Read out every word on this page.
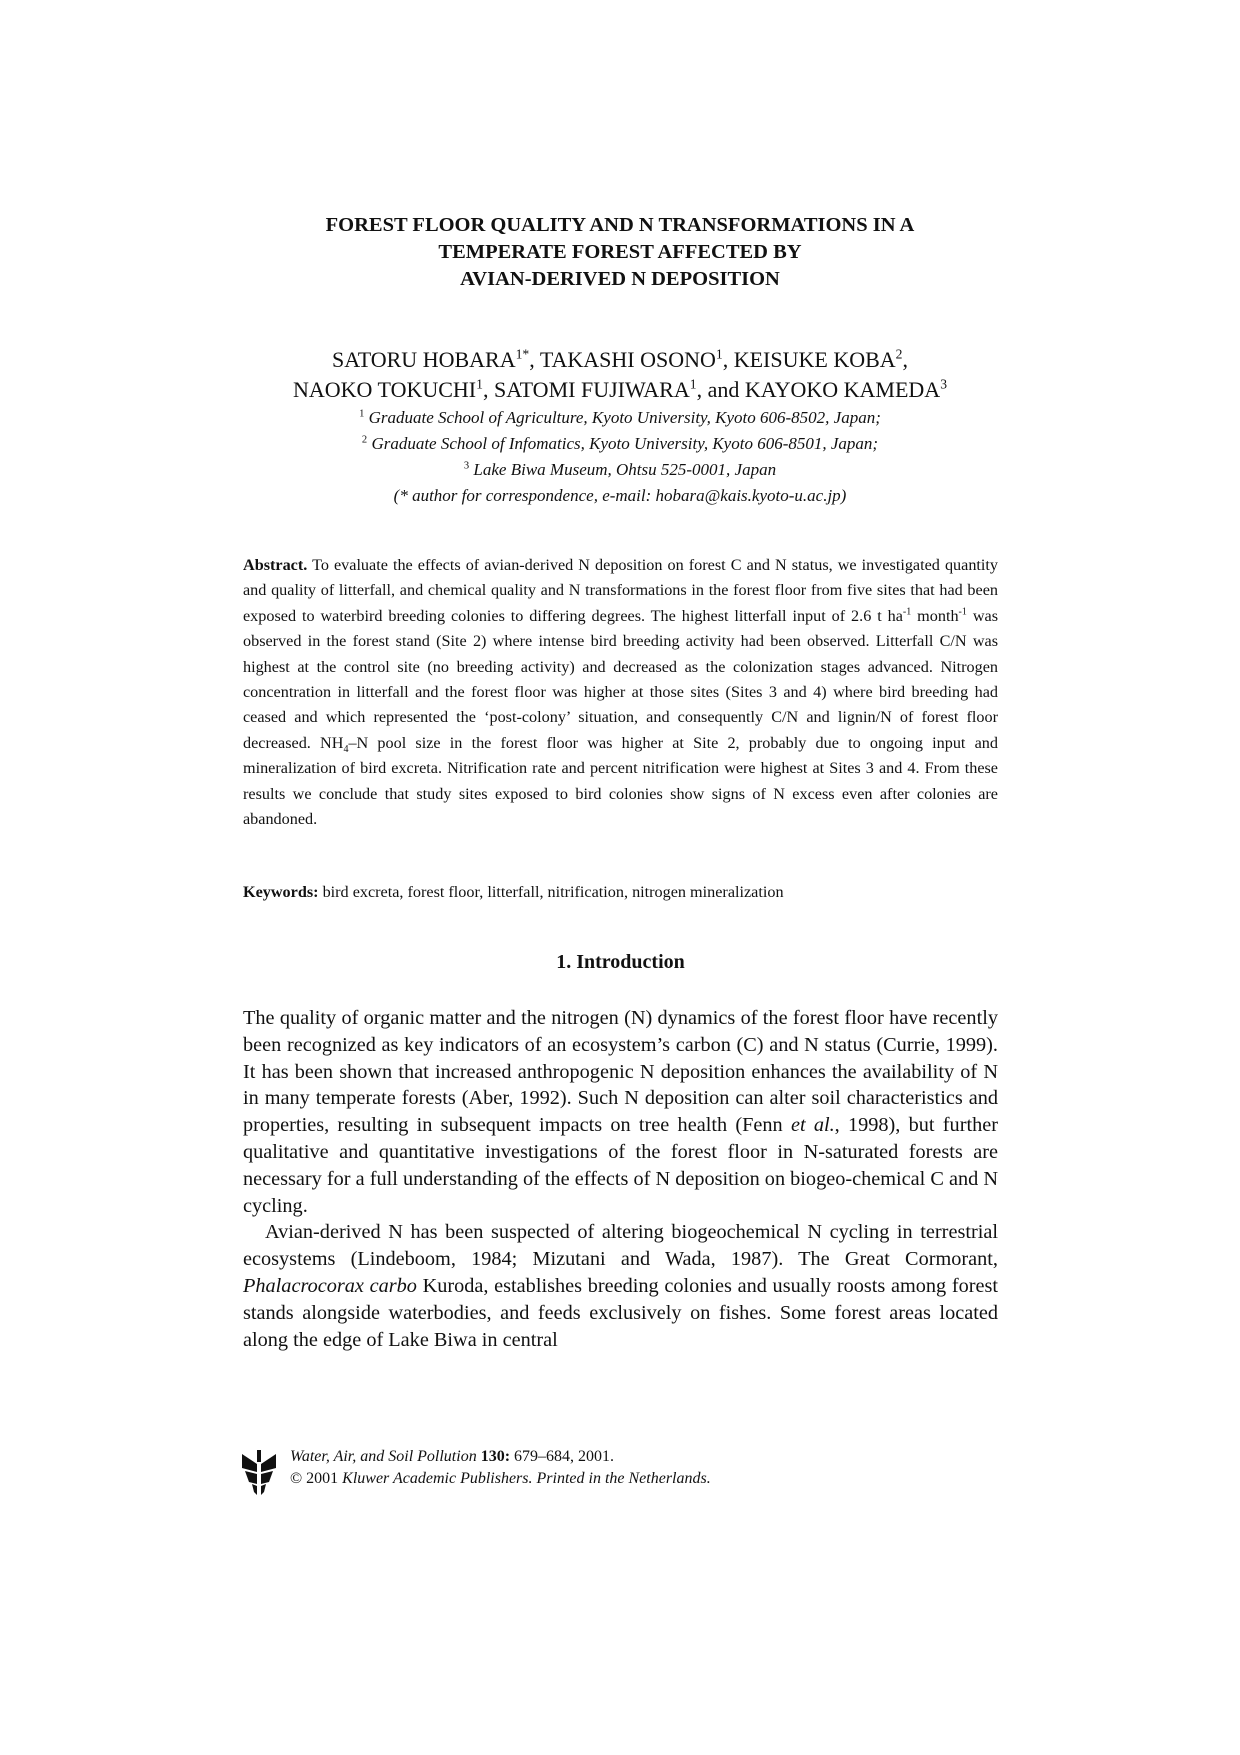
FOREST FLOOR QUALITY AND N TRANSFORMATIONS IN A
TEMPERATE FOREST AFFECTED BY
AVIAN-DERIVED N DEPOSITION
SATORU $HOBARA^{1*}$, TAKASHI OSONO$^1$, KEISUKE KOBA$^2$,
NAOKO TOKUCHI$^1$, SATOMI FUJIWARA$^1$, and KAYOKO KAMEDA$^3$
$^1$ Graduate School of Agriculture, Kyoto University, Kyoto 606-8502, Japan;
$^2$ Graduate School of Infomatics, Kyoto University, Kyoto 606-8501, Japan;
$^3$ Lake Biwa Museum, Ohtsu 525-0001, Japan
(* author for correspondence, e-mail: hobara@kais.kyoto-u.ac.jp)

Abstract. To evaluate the effects of avian-derived N deposition on forest C and N status, we investigated quantity and quality of litterfall, and chemical quality and N transformations in the forest floor from five sites that had been exposed to waterbird breeding colonies to differing degrees. The highest litterfall input of 2.6 t $ha^{-1}$ month$^{-1}$ was observed in the forest stand (Site 2) where intense bird breeding activity had been observed. Litterfall C/N was highest at the control site (no breeding activity) and decreased as the colonization stages advanced. Nitrogen concentration in litterfall and the forest floor was higher at those sites (Sites 3 and 4) where bird breeding had ceased and which represented the ‘post-colony’ situation, and consequently C/N and lignin/N of forest floor decreased. $NH_4-N$ pool size in the forest floor was higher at Site 2, probably due to ongoing input and mineralization of bird excreta. Nitrification rate and percent nitrification were highest at Sites 3 and 4. From these results we conclude that study sites exposed to bird colonies show signs of N excess even after colonies are abandoned.

Keywords: bird excreta, forest floor, litterfall, nitrification, nitrogen mineralization
1. Introduction

The quality of organic matter and the nitrogen (N) dynamics of the forest floor have recently been recognized as key indicators of an ecosystem’s carbon (C) and N status (Currie, 1999). It has been shown that increased anthropogenic N deposition enhances the availability of N in many temperate forests (Aber, 1992). Such N deposition can alter soil characteristics and properties, resulting in subsequent impacts on tree health (Fenn et al., 1998), but further qualitative and quantitative investigations of the forest floor in N-saturated forests are necessary for a full understanding of the effects of N deposition on biogeo-chemical C and N cycling.

Avian-derived N has been suspected of altering biogeochemical N cycling in terrestrial ecosystems (Lindeboom, 1984; Mizutani and Wada, 1987). The Great Cormorant, Phalacrocorax carbo Kuroda, establishes breeding colonies and usually roosts among forest stands alongside waterbodies, and feeds exclusively on fishes. Some forest areas located along the edge of Lake Biwa in central

Water, Air, and Soil Pollution 130: 679–684, 2001.
© 2001 Kluwer Academic Publishers. Printed in the Netherlands.
